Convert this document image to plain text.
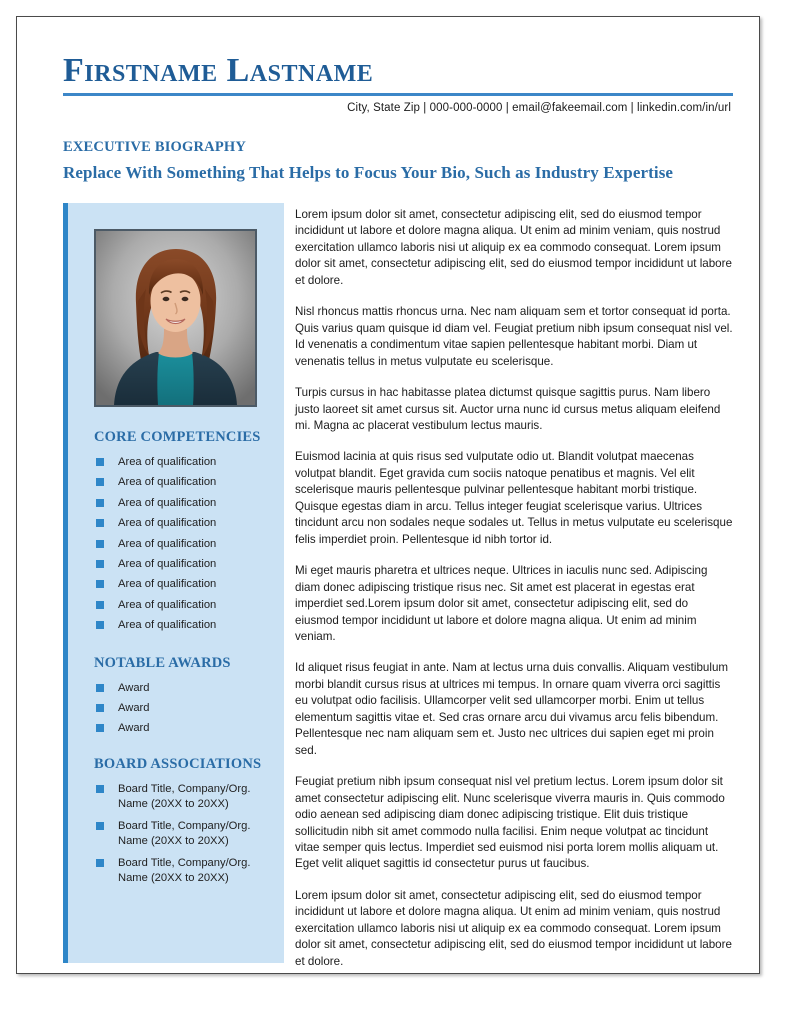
Firstname Lastname
City, State Zip | 000-000-0000 | email@fakeemail.com | linkedin.com/in/url
EXECUTIVE BIOGRAPHY
Replace With Something That Helps to Focus Your Bio, Such as Industry Expertise
CORE COMPETENCIES
Area of qualification
Area of qualification
Area of qualification
Area of qualification
Area of qualification
Area of qualification
Area of qualification
Area of qualification
Area of qualification
NOTABLE AWARDS
Award
Award
Award
BOARD ASSOCIATIONS
Board Title, Company/Org. Name (20XX to 20XX)
Board Title, Company/Org. Name (20XX to 20XX)
Board Title, Company/Org. Name (20XX to 20XX)

Lorem ipsum dolor sit amet, consectetur adipiscing elit, sed do eiusmod tempor incididunt ut labore et dolore magna aliqua. Ut enim ad minim veniam, quis nostrud exercitation ullamco laboris nisi ut aliquip ex ea commodo consequat. Lorem ipsum dolor sit amet, consectetur adipiscing elit, sed do eiusmod tempor incididunt ut labore et dolore.

Nisl rhoncus mattis rhoncus urna. Nec nam aliquam sem et tortor consequat id porta. Quis varius quam quisque id diam vel. Feugiat pretium nibh ipsum consequat nisl vel. Id venenatis a condimentum vitae sapien pellentesque habitant morbi. Diam ut venenatis tellus in metus vulputate eu scelerisque.

Turpis cursus in hac habitasse platea dictumst quisque sagittis purus. Nam libero justo laoreet sit amet cursus sit. Auctor urna nunc id cursus metus aliquam eleifend mi. Magna ac placerat vestibulum lectus mauris.

Euismod lacinia at quis risus sed vulputate odio ut. Blandit volutpat maecenas volutpat blandit. Eget gravida cum sociis natoque penatibus et magnis. Vel elit scelerisque mauris pellentesque pulvinar pellentesque habitant morbi tristique. Quisque egestas diam in arcu. Tellus integer feugiat scelerisque varius. Ultrices tincidunt arcu non sodales neque sodales ut. Tellus in metus vulputate eu scelerisque felis imperdiet proin. Pellentesque id nibh tortor id.

Mi eget mauris pharetra et ultrices neque. Ultrices in iaculis nunc sed. Adipiscing diam donec adipiscing tristique risus nec. Sit amet est placerat in egestas erat imperdiet sed.Lorem ipsum dolor sit amet, consectetur adipiscing elit, sed do eiusmod tempor incididunt ut labore et dolore magna aliqua. Ut enim ad minim veniam.

Id aliquet risus feugiat in ante. Nam at lectus urna duis convallis. Aliquam vestibulum morbi blandit cursus risus at ultrices mi tempus. In ornare quam viverra orci sagittis eu volutpat odio facilisis. Ullamcorper velit sed ullamcorper morbi. Enim ut tellus elementum sagittis vitae et. Sed cras ornare arcu dui vivamus arcu felis bibendum. Pellentesque nec nam aliquam sem et. Justo nec ultrices dui sapien eget mi proin sed.

Feugiat pretium nibh ipsum consequat nisl vel pretium lectus. Lorem ipsum dolor sit amet consectetur adipiscing elit. Nunc scelerisque viverra mauris in. Quis commodo odio aenean sed adipiscing diam donec adipiscing tristique. Elit duis tristique sollicitudin nibh sit amet commodo nulla facilisi. Enim neque volutpat ac tincidunt vitae semper quis lectus. Imperdiet sed euismod nisi porta lorem mollis aliquam ut. Eget velit aliquet sagittis id consectetur purus ut faucibus.

Lorem ipsum dolor sit amet, consectetur adipiscing elit, sed do eiusmod tempor incididunt ut labore et dolore magna aliqua. Ut enim ad minim veniam, quis nostrud exercitation ullamco laboris nisi ut aliquip ex ea commodo consequat. Lorem ipsum dolor sit amet, consectetur adipiscing elit, sed do eiusmod tempor incididunt ut labore et dolore.
